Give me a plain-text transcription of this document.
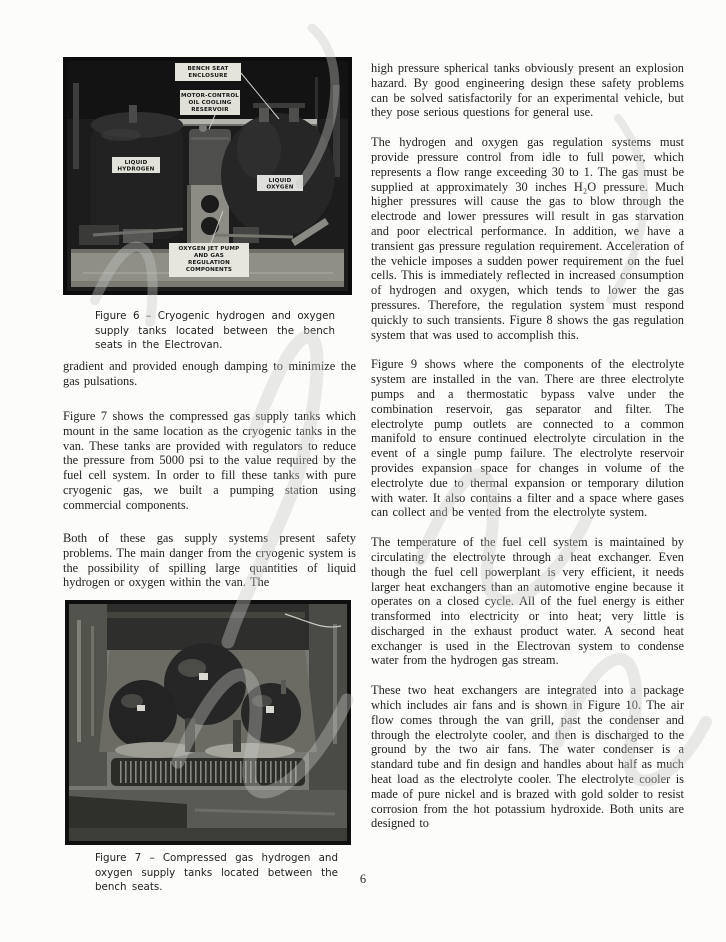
BENCH SEAT
ENCLOSURE
MOTOR-CONTROL
OIL COOLING
RESERVOIR
LIQUID
HYDROGEN
LIQUID
OXYGEN
OXYGEN JET PUMP
AND GAS
REGULATION
COMPONENTS
Figure 6 – Cryogenic hydrogen and oxygen supply tanks located between the bench seats in the Electrovan.
gradient and provided enough damping to minimize the gas pulsations.
Figure 7 shows the compressed gas supply tanks which mount in the same location as the cryogenic tanks in the van. These tanks are provided with regulators to reduce the pressure from 5000 psi to the value required by the fuel cell system. In order to fill these tanks with pure cryogenic gas, we built a pumping station using commercial components.
Both of these gas supply systems present safety problems. The main danger from the cryogenic system is the possibility of spilling large quantities of liquid hydrogen or oxygen within the van. The
Figure 7 – Compressed gas hydrogen and oxygen supply tanks located between the bench seats.

high pressure spherical tanks obviously present an explosion hazard. By good engineering design these safety problems can be solved satisfactorily for an experimental vehicle, but they pose serious questions for general use.

The hydrogen and oxygen gas regulation systems must provide pressure control from idle to full power, which represents a flow range exceeding 30 to 1. The gas must be supplied at approximately 30 inches H₂O pressure. Much higher pressures will cause the gas to blow through the electrode and lower pressures will result in gas starvation and poor electrical performance. In addition, we have a transient gas pressure regulation requirement. Acceleration of the vehicle imposes a sudden power requirement on the fuel cells. This is immediately reflected in increased consumption of hydrogen and oxygen, which tends to lower the gas pressures. Therefore, the regulation system must respond quickly to such transients. Figure 8 shows the gas regulation system that was used to accomplish this.

Figure 9 shows where the components of the electrolyte system are installed in the van. There are three electrolyte pumps and a thermostatic bypass valve under the combination reservoir, gas separator and filter. The electrolyte pump outlets are connected to a common manifold to ensure continued electrolyte circulation in the event of a single pump failure. The electrolyte reservoir provides expansion space for changes in volume of the electrolyte due to thermal expansion or temporary dilution with water. It also contains a filter and a space where gases can collect and be vented from the electrolyte system.

The temperature of the fuel cell system is maintained by circulating the electrolyte through a heat exchanger. Even though the fuel cell powerplant is very efficient, it needs larger heat exchangers than an automotive engine because it operates on a closed cycle. All of the fuel energy is either transformed into electricity or into heat; very little is discharged in the exhaust product water. A second heat exchanger is used in the Electrovan system to condense water from the hydrogen gas stream.

These two heat exchangers are integrated into a package which includes air fans and is shown in Figure 10. The air flow comes through the van grill, past the condenser and through the electrolyte cooler, and then is discharged to the ground by the two air fans. The water condenser is a standard tube and fin design and handles about half as much heat load as the electrolyte cooler. The electrolyte cooler is made of pure nickel and is brazed with gold solder to resist corrosion from the hot potassium hydroxide. Both units are designed to

6
